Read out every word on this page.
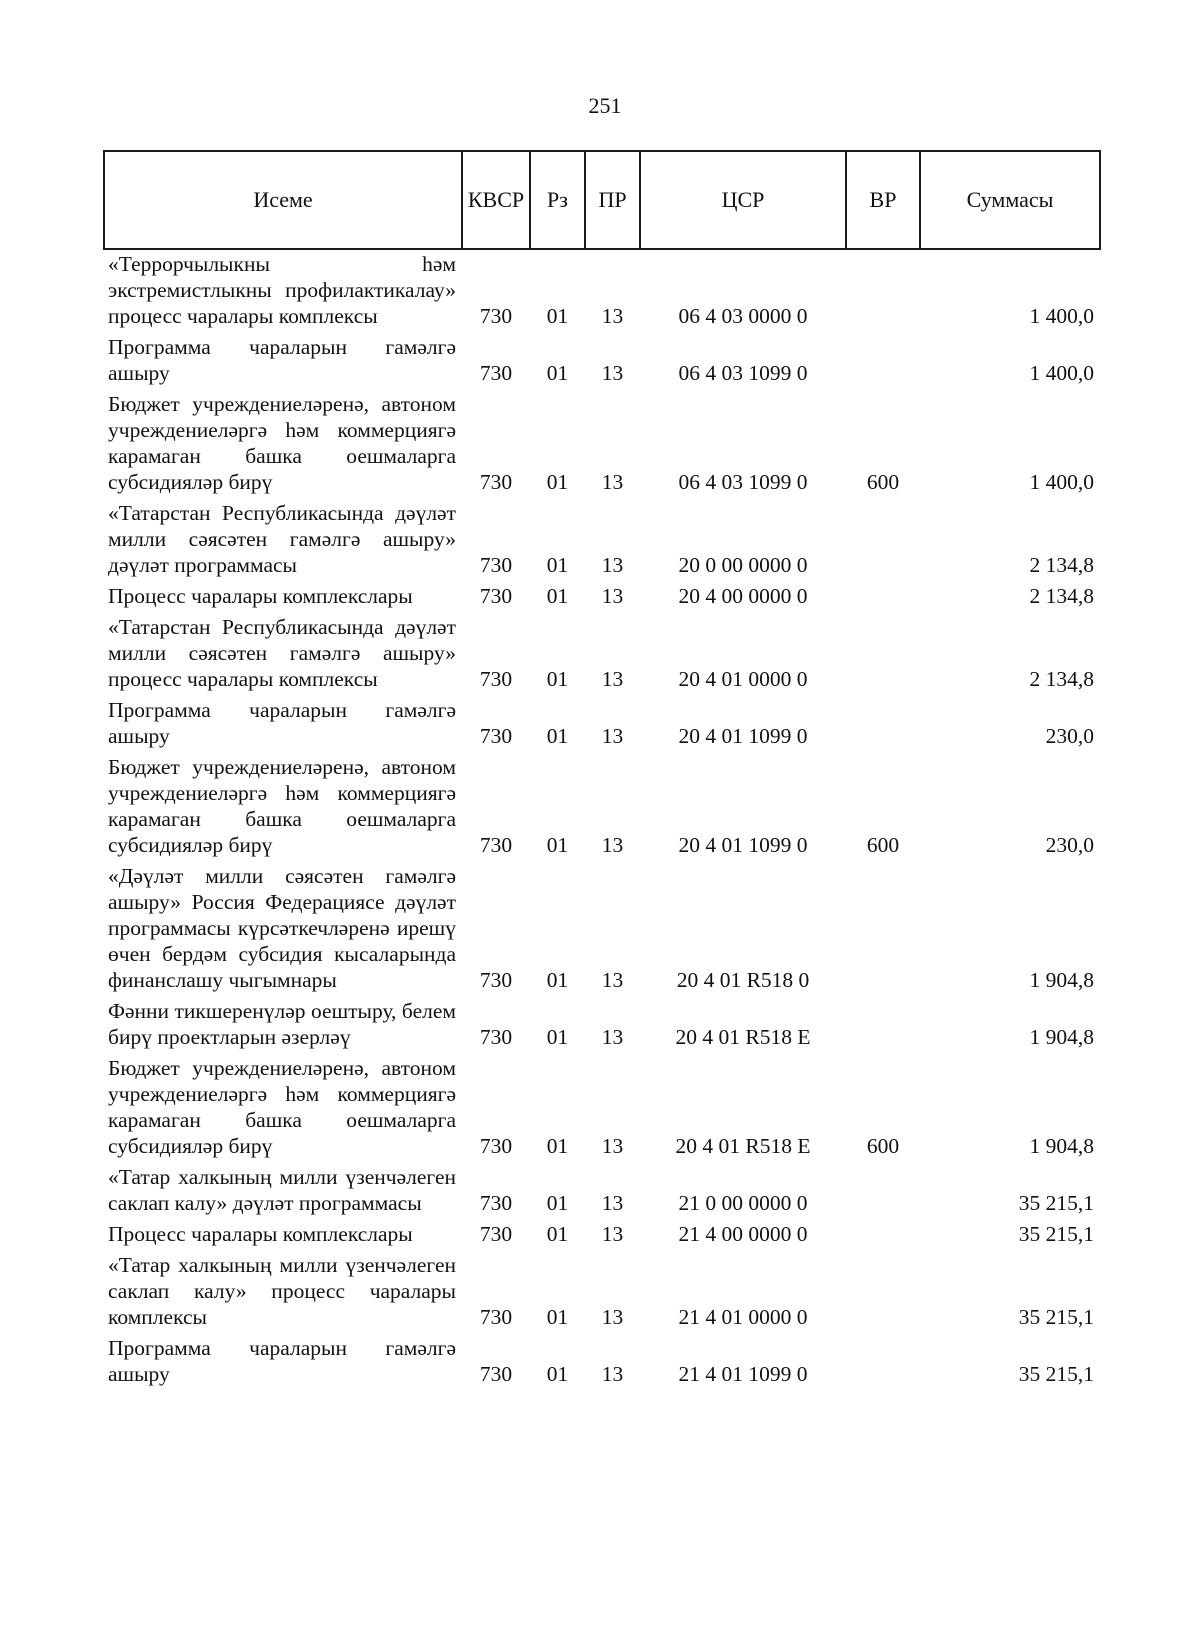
251
Исеме	КВСР	Рз	ПР	ЦСР	ВР	Суммасы
«Террорчылыкны һәм экстремистлыкны профилактикалау» процесс чаралары комплексы	730	01	13	06 4 03 0000 0		1 400,0
Программа чараларын гамәлгә ашыру	730	01	13	06 4 03 1099 0		1 400,0
Бюджет учреждениеләренә, автоном учреждениеләргә һәм коммерциягә карамаган башка оешмаларга субсидияләр бирү	730	01	13	06 4 03 1099 0	600	1 400,0
«Татарстан Республикасында дәүләт милли сәясәтен гамәлгә ашыру» дәүләт программасы	730	01	13	20 0 00 0000 0		2 134,8
Процесс чаралары комплекслары	730	01	13	20 4 00 0000 0		2 134,8
«Татарстан Республикасында дәүләт милли сәясәтен гамәлгә ашыру» процесс чаралары комплексы	730	01	13	20 4 01 0000 0		2 134,8
Программа чараларын гамәлгә ашыру	730	01	13	20 4 01 1099 0		230,0
Бюджет учреждениеләренә, автоном учреждениеләргә һәм коммерциягә карамаган башка оешмаларга субсидияләр бирү	730	01	13	20 4 01 1099 0	600	230,0
«Дәүләт милли сәясәтен гамәлгә ашыру» Россия Федерациясе дәүләт программасы күрсәткечләренә ирешү өчен бердәм субсидия кысаларында финанслашу чыгымнары	730	01	13	20 4 01 R518 0		1 904,8
Фәнни тикшеренүләр оештыру, белем бирү проектларын әзерләү	730	01	13	20 4 01 R518 E		1 904,8
Бюджет учреждениеләренә, автоном учреждениеләргә һәм коммерциягә карамаган башка оешмаларга субсидияләр бирү	730	01	13	20 4 01 R518 E	600	1 904,8
«Татар халкының милли үзенчәлеген саклап калу» дәүләт программасы	730	01	13	21 0 00 0000 0		35 215,1
Процесс чаралары комплекслары	730	01	13	21 4 00 0000 0		35 215,1
«Татар халкының милли үзенчәлеген саклап калу» процесс чаралары комплексы	730	01	13	21 4 01 0000 0		35 215,1
Программа чараларын гамәлгә ашыру	730	01	13	21 4 01 1099 0		35 215,1
